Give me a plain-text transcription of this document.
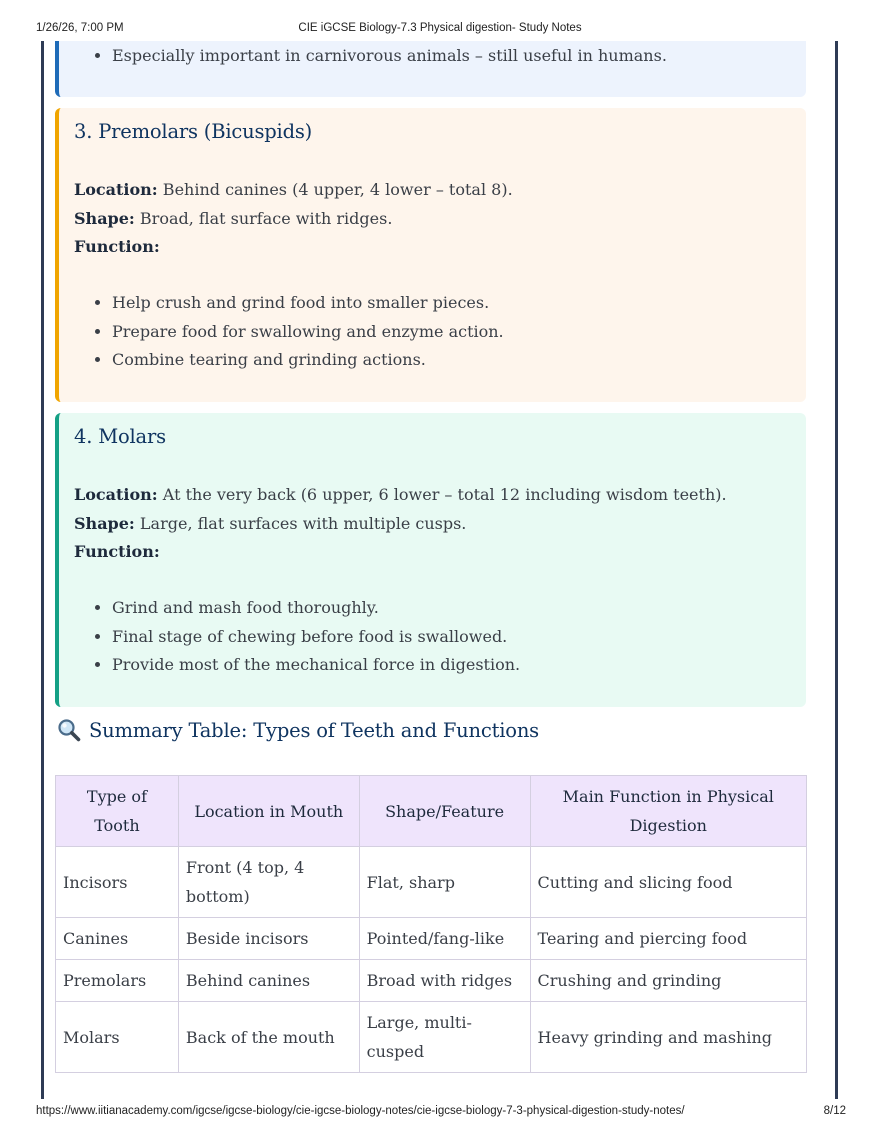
1/26/26, 7:00 PM	CIE iGCSE Biology-7.3 Physical digestion- Study Notes
• Especially important in carnivorous animals – still useful in humans.
3. Premolars (Bicuspids)
Location: Behind canines (4 upper, 4 lower – total 8).
Shape: Broad, flat surface with ridges.
Function:
• Help crush and grind food into smaller pieces.
• Prepare food for swallowing and enzyme action.
• Combine tearing and grinding actions.
4. Molars
Location: At the very back (6 upper, 6 lower – total 12 including wisdom teeth).
Shape: Large, flat surfaces with multiple cusps.
Function:
• Grind and mash food thoroughly.
• Final stage of chewing before food is swallowed.
• Provide most of the mechanical force in digestion.
Summary Table: Types of Teeth and Functions
Type of Tooth	Location in Mouth	Shape/Feature	Main Function in Physical Digestion
Incisors	Front (4 top, 4 bottom)	Flat, sharp	Cutting and slicing food
Canines	Beside incisors	Pointed/fang-like	Tearing and piercing food
Premolars	Behind canines	Broad with ridges	Crushing and grinding
Molars	Back of the mouth	Large, multi-cusped	Heavy grinding and mashing
https://www.iitianacademy.com/igcse/igcse-biology/cie-igcse-biology-notes/cie-igcse-biology-7-3-physical-digestion-study-notes/	8/12
